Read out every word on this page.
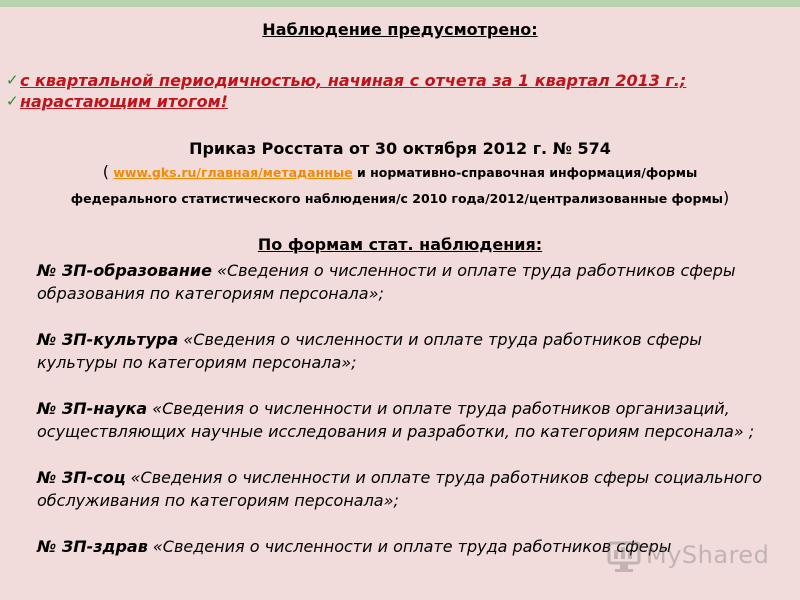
Наблюдение предусмотрено:
✓ с квартальной периодичностью, начиная с отчета за 1 квартал 2013 г.;
✓ нарастающим итогом!
Приказ Росстата от 30 октября 2012 г. № 574
( www.gks.ru/главная/метаданные и нормативно-справочная информация/формы
федерального статистического наблюдения/с 2010 года/2012/централизованные формы)
По формам стат. наблюдения:
№ ЗП-образование «Сведения о численности и оплате труда работников сферы образования по категориям персонала»;
№ ЗП-культура «Сведения о численности и оплате труда работников сферы культуры по категориям персонала»;
№ ЗП-наука «Сведения о численности и оплате труда работников организаций, осуществляющих научные исследования и разработки, по категориям персонала» ;
№ ЗП-соц «Сведения о численности и оплате труда работников сферы социального обслуживания по категориям персонала»;
№ ЗП-здрав «Сведения о численности и оплате труда работников сферы
MyShared
